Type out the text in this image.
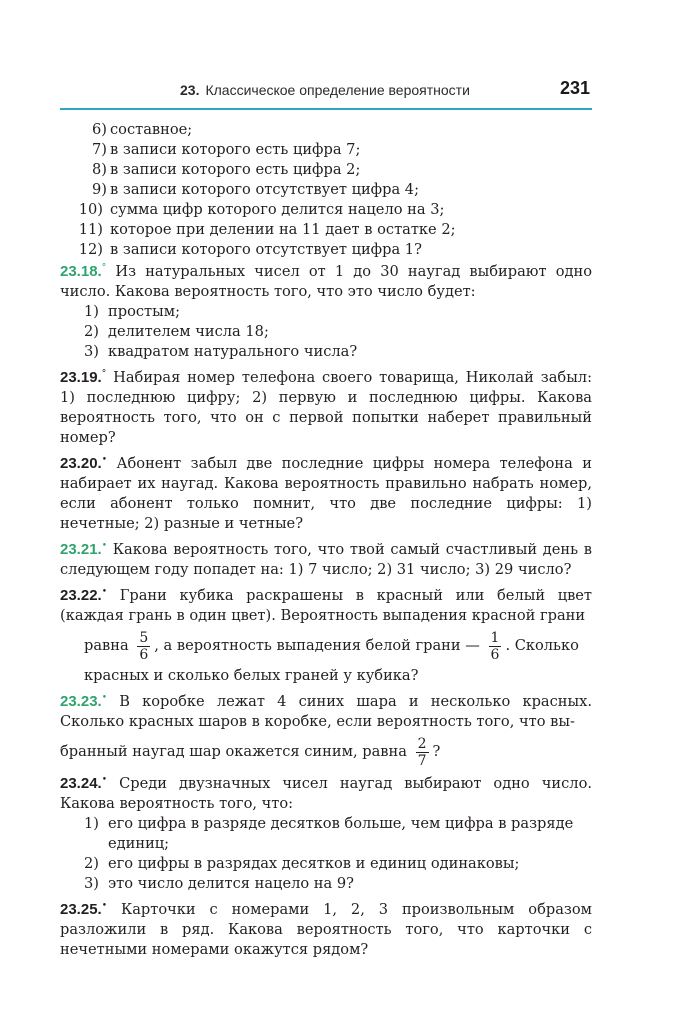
23. Классическое определение вероятности	231
6) составное;
7) в записи которого есть цифра 7;
8) в записи которого есть цифра 2;
9) в записи которого отсутствует цифра 4;
10) сумма цифр которого делится нацело на 3;
11) которое при делении на 11 дает в остатке 2;
12) в записи которого отсутствует цифра 1?
23.18.° Из натуральных чисел от 1 до 30 наугад выбирают одно число. Какова вероятность того, что это число будет:
1) простым;
2) делителем числа 18;
3) квадратом натурального числа?
23.19.° Набирая номер телефона своего товарища, Николай забыл: 1) последнюю цифру; 2) первую и последнюю цифры. Какова вероятность того, что он с первой попытки наберет правильный номер?
23.20.• Абонент забыл две последние цифры номера телефона и набирает их наугад. Какова вероятность правильно набрать номер, если абонент только помнит, что две последние цифры: 1) нечетные; 2) разные и четные?
23.21.• Какова вероятность того, что твой самый счастливый день в следующем году попадет на: 1) 7 число; 2) 31 число; 3) 29 число?
23.22.• Грани кубика раскрашены в красный или белый цвет (каждая грань в один цвет). Вероятность выпадения красной грани
равна $\frac{5}{6}$ , а вероятность выпадения белой грани — $\frac{1}{6}$ . Сколько
красных и сколько белых граней у кубика?
23.23.• В коробке лежат 4 синих шара и несколько красных. Сколько красных шаров в коробке, если вероятность того, что вы-
бранный наугад шар окажется синим, равна $\frac{2}{7}$ ?
23.24.• Среди двузначных чисел наугад выбирают одно число. Какова вероятность того, что:
1) его цифра в разряде десятков больше, чем цифра в разряде единиц;
2) его цифры в разрядах десятков и единиц одинаковы;
3) это число делится нацело на 9?
23.25.• Карточки с номерами 1, 2, 3 произвольным образом разложили в ряд. Какова вероятность того, что карточки с нечетными номерами окажутся рядом?
